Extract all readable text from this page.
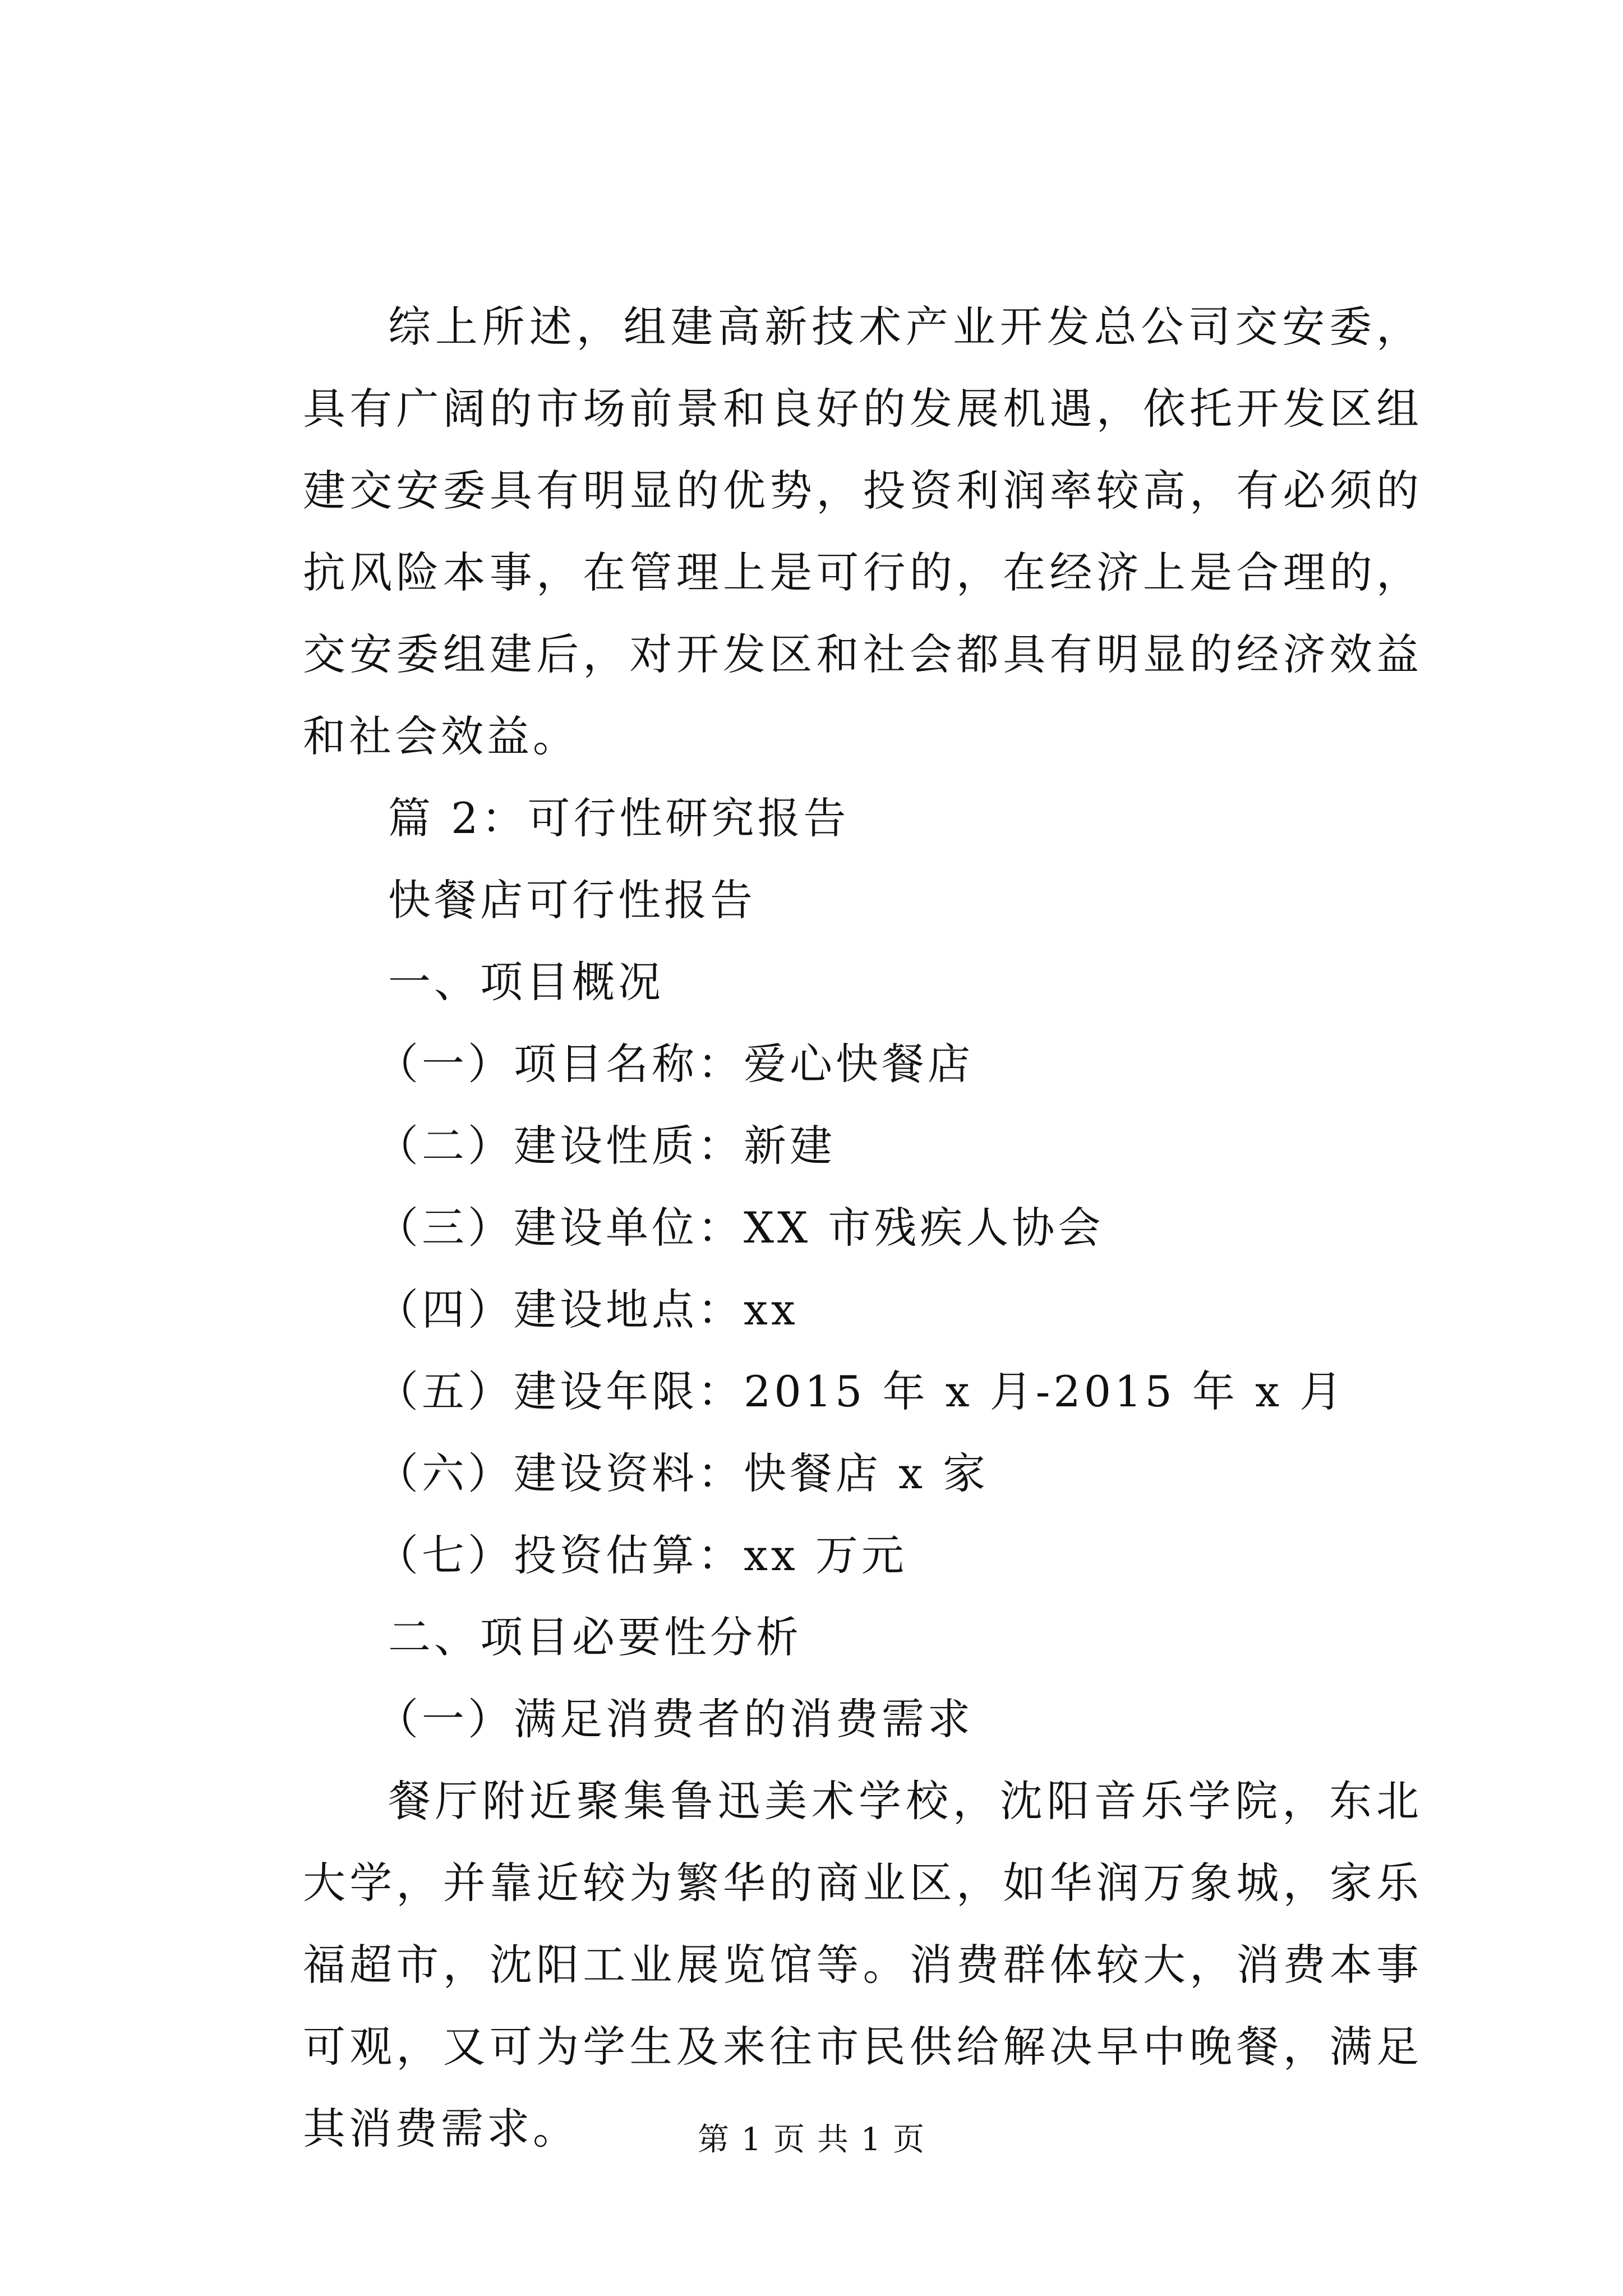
综上所述，组建高新技术产业开发总公司交安委，具有广阔的市场前景和良好的发展机遇，依托开发区组建交安委具有明显的优势，投资利润率较高，有必须的抗风险本事，在管理上是可行的，在经济上是合理的，交安委组建后，对开发区和社会都具有明显的经济效益和社会效益。

篇 2：可行性研究报告

快餐店可行性报告

一、项目概况

（一）项目名称：爱心快餐店

（二）建设性质：新建

（三）建设单位：XX 市残疾人协会

（四）建设地点：xx

（五）建设年限：2015 年 x 月-2015 年 x 月

（六）建设资料：快餐店 x 家

（七）投资估算：xx 万元

二、项目必要性分析

（一）满足消费者的消费需求

餐厅附近聚集鲁迅美术学校，沈阳音乐学院，东北大学，并靠近较为繁华的商业区，如华润万象城，家乐福超市，沈阳工业展览馆等。消费群体较大，消费本事可观，又可为学生及来往市民供给解决早中晚餐，满足其消费需求。	第 1 页 共 1 页
